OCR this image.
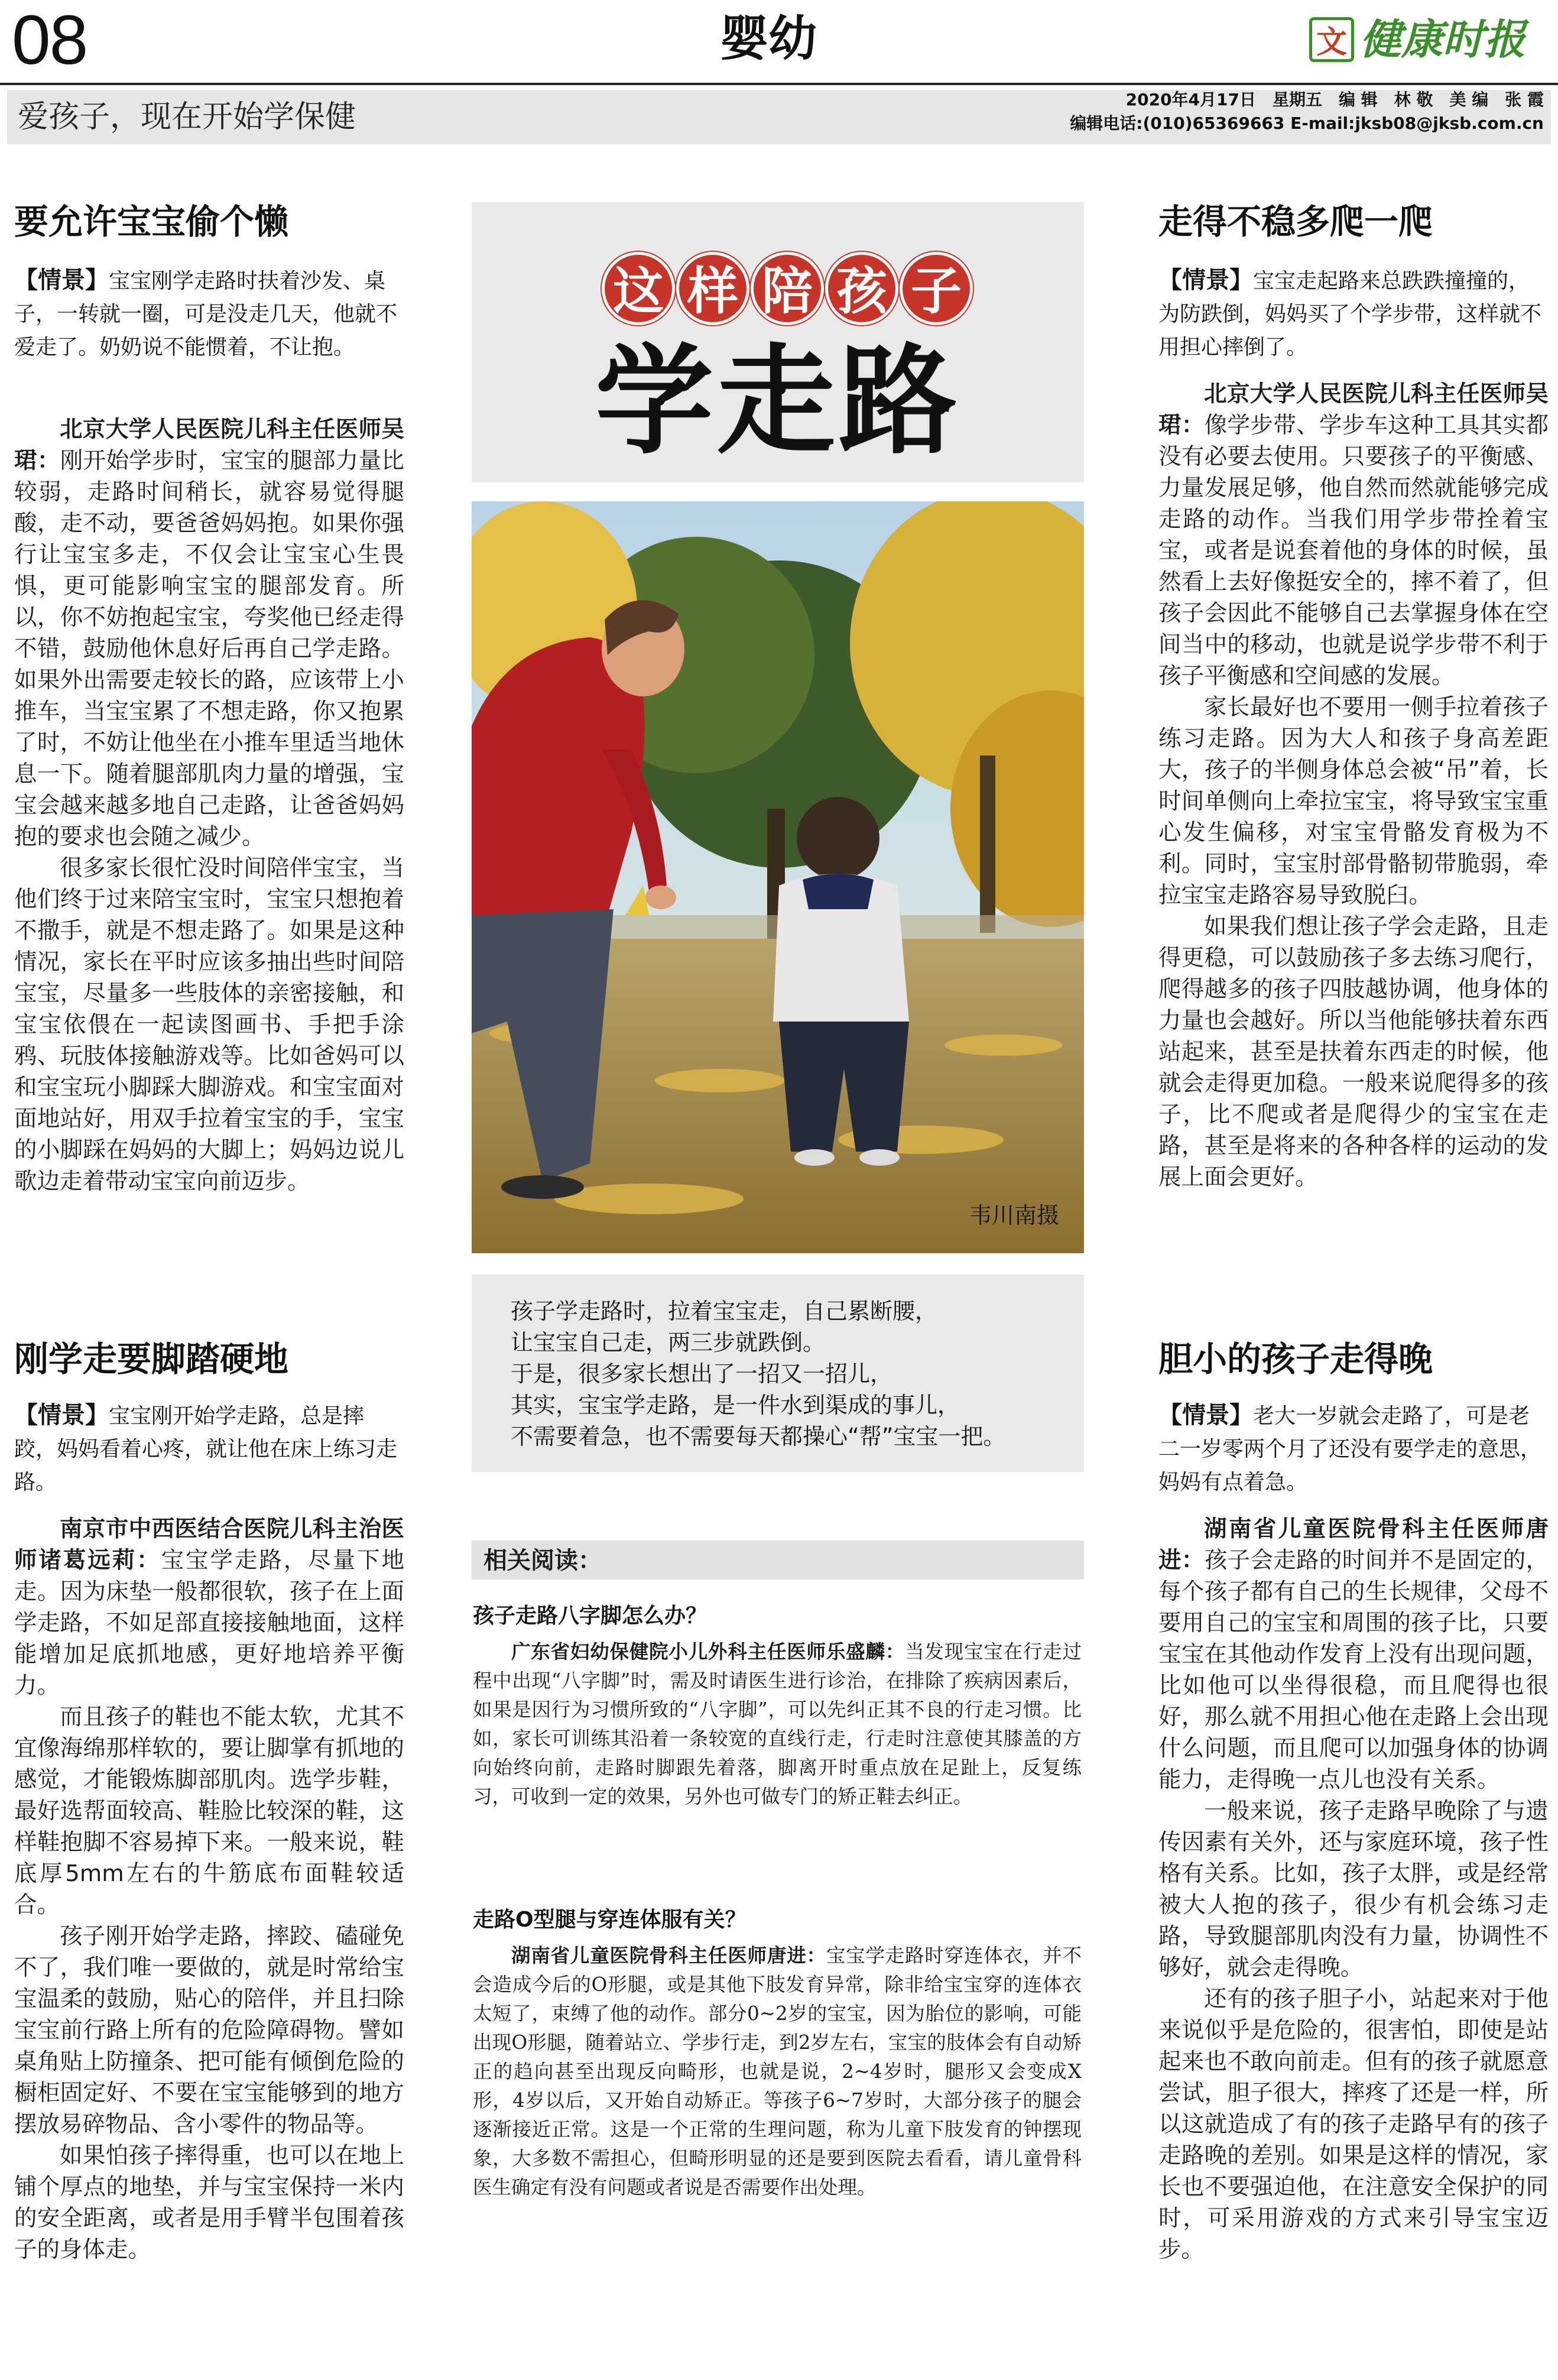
08	婴幼	文 健康时报
爱孩子，现在开始学保健	2020年4月17日　星期五　编 辑　林 敬　美 编　张 霞
编辑电话:(010)65369663 E-mail:jksb08@jksb.com.cn
要允许宝宝偷个懒
【情景】宝宝刚学走路时扶着沙发、桌子，一转就一圈，可是没走几天，他就不爱走了。奶奶说不能惯着，不让抱。

北京大学人民医院儿科主任医师吴珺：刚开始学步时，宝宝的腿部力量比较弱，走路时间稍长，就容易觉得腿酸，走不动，要爸爸妈妈抱。如果你强行让宝宝多走，不仅会让宝宝心生畏惧，更可能影响宝宝的腿部发育。所以，你不妨抱起宝宝，夸奖他已经走得不错，鼓励他休息好后再自己学走路。如果外出需要走较长的路，应该带上小推车，当宝宝累了不想走路，你又抱累了时，不妨让他坐在小推车里适当地休息一下。随着腿部肌肉力量的增强，宝宝会越来越多地自己走路，让爸爸妈妈抱的要求也会随之减少。

很多家长很忙没时间陪伴宝宝，当他们终于过来陪宝宝时，宝宝只想抱着不撒手，就是不想走路了。如果是这种情况，家长在平时应该多抽出些时间陪宝宝，尽量多一些肢体的亲密接触，和宝宝依偎在一起读图画书、手把手涂鸦、玩肢体接触游戏等。比如爸妈可以和宝宝玩小脚踩大脚游戏。和宝宝面对面地站好，用双手拉着宝宝的手，宝宝的小脚踩在妈妈的大脚上；妈妈边说儿歌边走着带动宝宝向前迈步。

刚学走要脚踏硬地
【情景】宝宝刚开始学走路，总是摔跤，妈妈看着心疼，就让他在床上练习走路。

南京市中西医结合医院儿科主治医师诸葛远莉：宝宝学走路，尽量下地走。因为床垫一般都很软，孩子在上面学走路，不如足部直接接触地面，这样能增加足底抓地感，更好地培养平衡力。

而且孩子的鞋也不能太软，尤其不宜像海绵那样软的，要让脚掌有抓地的感觉，才能锻炼脚部肌肉。选学步鞋，最好选帮面较高、鞋脸比较深的鞋，这样鞋抱脚不容易掉下来。一般来说，鞋底厚5mm左右的牛筋底布面鞋较适合。

孩子刚开始学走路，摔跤、磕碰免不了，我们唯一要做的，就是时常给宝宝温柔的鼓励，贴心的陪伴，并且扫除宝宝前行路上所有的危险障碍物。譬如桌角贴上防撞条、把可能有倾倒危险的橱柜固定好、不要在宝宝能够到的地方摆放易碎物品、含小零件的物品等。

如果怕孩子摔得重，也可以在地上铺个厚点的地垫，并与宝宝保持一米内的安全距离，或者是用手臂半包围着孩子的身体走。

这 样 陪 孩 子
学走路
韦川南摄
孩子学走路时，拉着宝宝走，自己累断腰，
让宝宝自己走，两三步就跌倒。
于是，很多家长想出了一招又一招儿，
其实，宝宝学走路，是一件水到渠成的事儿，
不需要着急，也不需要每天都操心“帮”宝宝一把。
相关阅读：
孩子走路八字脚怎么办？

广东省妇幼保健院小儿外科主任医师乐盛麟：当发现宝宝在行走过程中出现“八字脚”时，需及时请医生进行诊治，在排除了疾病因素后，如果是因行为习惯所致的“八字脚”，可以先纠正其不良的行走习惯。比如，家长可训练其沿着一条较宽的直线行走，行走时注意使其膝盖的方向始终向前，走路时脚跟先着落，脚离开时重点放在足趾上，反复练习，可收到一定的效果，另外也可做专门的矫正鞋去纠正。

走路O型腿与穿连体服有关？

湖南省儿童医院骨科主任医师唐进：宝宝学走路时穿连体衣，并不会造成今后的O形腿，或是其他下肢发育异常，除非给宝宝穿的连体衣太短了，束缚了他的动作。部分0~2岁的宝宝，因为胎位的影响，可能出现O形腿，随着站立、学步行走，到2岁左右，宝宝的肢体会有自动矫正的趋向甚至出现反向畸形，也就是说，2~4岁时，腿形又会变成X形，4岁以后，又开始自动矫正。等孩子6~7岁时，大部分孩子的腿会逐渐接近正常。这是一个正常的生理问题，称为儿童下肢发育的钟摆现象，大多数不需担心，但畸形明显的还是要到医院去看看，请儿童骨科医生确定有没有问题或者说是否需要作出处理。

走得不稳多爬一爬
【情景】宝宝走起路来总跌跌撞撞的，为防跌倒，妈妈买了个学步带，这样就不用担心摔倒了。

北京大学人民医院儿科主任医师吴珺：像学步带、学步车这种工具其实都没有必要去使用。只要孩子的平衡感、力量发展足够，他自然而然就能够完成走路的动作。当我们用学步带拴着宝宝，或者是说套着他的身体的时候，虽然看上去好像挺安全的，摔不着了，但孩子会因此不能够自己去掌握身体在空间当中的移动，也就是说学步带不利于孩子平衡感和空间感的发展。

家长最好也不要用一侧手拉着孩子练习走路。因为大人和孩子身高差距大，孩子的半侧身体总会被“吊”着，长时间单侧向上牵拉宝宝，将导致宝宝重心发生偏移，对宝宝骨骼发育极为不利。同时，宝宝肘部骨骼韧带脆弱，牵拉宝宝走路容易导致脱臼。

如果我们想让孩子学会走路，且走得更稳，可以鼓励孩子多去练习爬行，爬得越多的孩子四肢越协调，他身体的力量也会越好。所以当他能够扶着东西站起来，甚至是扶着东西走的时候，他就会走得更加稳。一般来说爬得多的孩子，比不爬或者是爬得少的宝宝在走路，甚至是将来的各种各样的运动的发展上面会更好。

胆小的孩子走得晚
【情景】老大一岁就会走路了，可是老二一岁零两个月了还没有要学走的意思，妈妈有点着急。

湖南省儿童医院骨科主任医师唐进：孩子会走路的时间并不是固定的，每个孩子都有自己的生长规律，父母不要用自己的宝宝和周围的孩子比，只要宝宝在其他动作发育上没有出现问题，比如他可以坐得很稳，而且爬得也很好，那么就不用担心他在走路上会出现什么问题，而且爬可以加强身体的协调能力，走得晚一点儿也没有关系。

一般来说，孩子走路早晚除了与遗传因素有关外，还与家庭环境，孩子性格有关系。比如，孩子太胖，或是经常被大人抱的孩子，很少有机会练习走路，导致腿部肌肉没有力量，协调性不够好，就会走得晚。

还有的孩子胆子小，站起来对于他来说似乎是危险的，很害怕，即使是站起来也不敢向前走。但有的孩子就愿意尝试，胆子很大，摔疼了还是一样，所以这就造成了有的孩子走路早有的孩子走路晚的差别。如果是这样的情况，家长也不要强迫他，在注意安全保护的同时，可采用游戏的方式来引导宝宝迈步。
